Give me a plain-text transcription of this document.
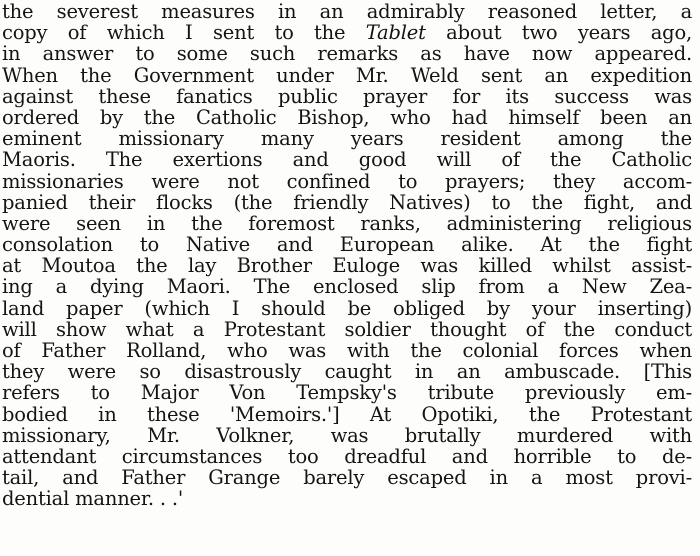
the severest measures in an admirably reasoned letter, a
copy of which I sent to the Tablet about two years ago,
in answer to some such remarks as have now appeared.
When the Government under Mr. Weld sent an expedition
against these fanatics public prayer for its success was
ordered by the Catholic Bishop, who had himself been an
eminent missionary many years resident among the
Maoris. The exertions and good will of the Catholic
missionaries were not confined to prayers; they accom-
panied their flocks (the friendly Natives) to the fight, and
were seen in the foremost ranks, administering religious
consolation to Native and European alike. At the fight
at Moutoa the lay Brother Euloge was killed whilst assist-
ing a dying Maori. The enclosed slip from a New Zea-
land paper (which I should be obliged by your inserting)
will show what a Protestant soldier thought of the conduct
of Father Rolland, who was with the colonial forces when
they were so disastrously caught in an ambuscade. [This
refers to Major Von Tempsky's tribute previously em-
bodied in these 'Memoirs.'] At Opotiki, the Protestant
missionary, Mr. Volkner, was brutally murdered with
attendant circumstances too dreadful and horrible to de-
tail, and Father Grange barely escaped in a most provi-
dential manner. . .'
